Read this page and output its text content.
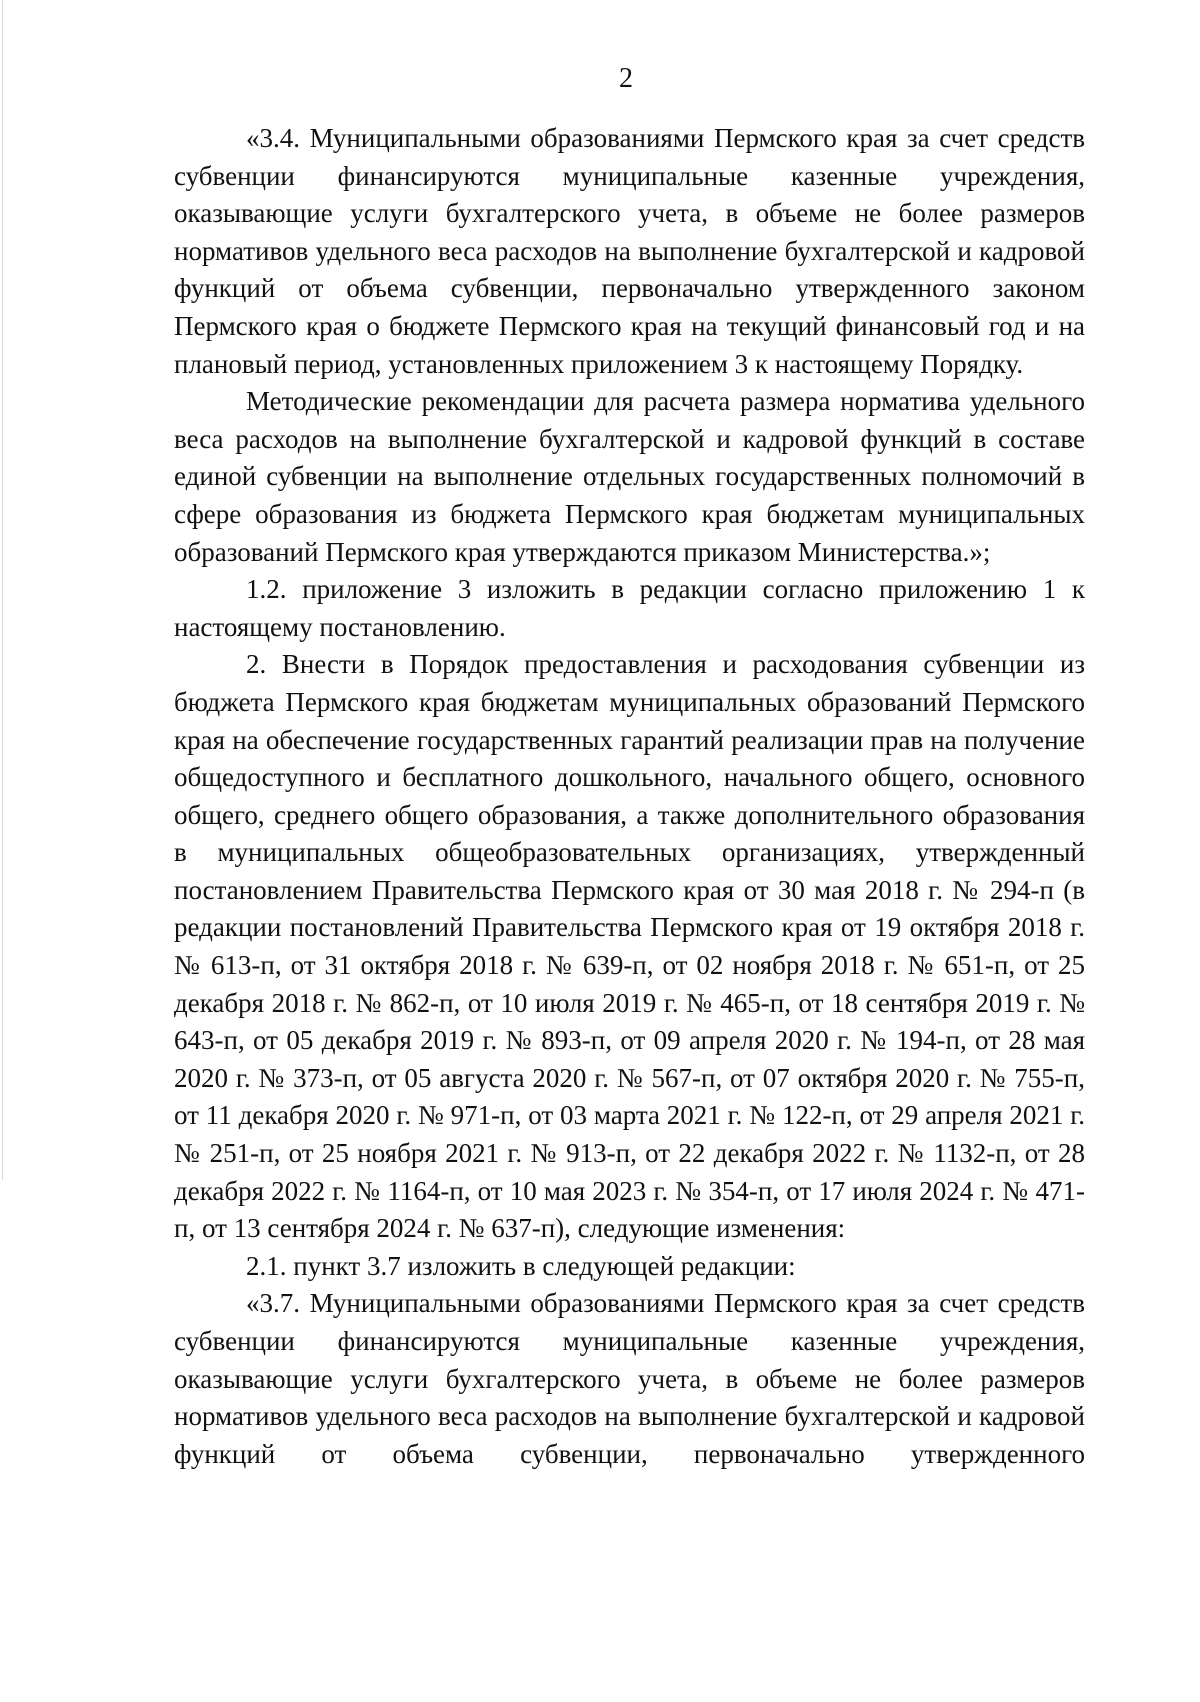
2

«3.4. Муниципальными образованиями Пермского края за счет средств субвенции финансируются муниципальные казенные учреждения, оказывающие услуги бухгалтерского учета, в объеме не более размеров нормативов удельного веса расходов на выполнение бухгалтерской и кадровой функций от объема субвенции, первоначально утвержденного законом Пермского края о бюджете Пермского края на текущий финансовый год и на плановый период, установленных приложением 3 к настоящему Порядку.

Методические рекомендации для расчета размера норматива удельного веса расходов на выполнение бухгалтерской и кадровой функций в составе единой субвенции на выполнение отдельных государственных полномочий в сфере образования из бюджета Пермского края бюджетам муниципальных образований Пермского края утверждаются приказом Министерства.»;

1.2. приложение 3 изложить в редакции согласно приложению 1 к настоящему постановлению.

2. Внести в Порядок предоставления и расходования субвенции из бюджета Пермского края бюджетам муниципальных образований Пермского края на обеспечение государственных гарантий реализации прав на получение общедоступного и бесплатного дошкольного, начального общего, основного общего, среднего общего образования, а также дополнительного образования в муниципальных общеобразовательных организациях, утвержденный постановлением Правительства Пермского края от 30 мая 2018 г. № 294-п (в редакции постановлений Правительства Пермского края от 19 октября 2018 г. № 613-п, от 31 октября 2018 г. № 639-п, от 02 ноября 2018 г. № 651-п, от 25 декабря 2018 г. № 862-п, от 10 июля 2019 г. № 465-п, от 18 сентября 2019 г. № 643-п, от 05 декабря 2019 г. № 893-п, от 09 апреля 2020 г. № 194-п, от 28 мая 2020 г. № 373-п, от 05 августа 2020 г. № 567-п, от 07 октября 2020 г. № 755-п, от 11 декабря 2020 г. № 971-п, от 03 марта 2021 г. № 122-п, от 29 апреля 2021 г. № 251-п, от 25 ноября 2021 г. № 913-п, от 22 декабря 2022 г. № 1132-п, от 28 декабря 2022 г. № 1164-п, от 10 мая 2023 г. № 354-п, от 17 июля 2024 г. № 471-п, от 13 сентября 2024 г. № 637-п), следующие изменения:

2.1. пункт 3.7 изложить в следующей редакции:

«3.7. Муниципальными образованиями Пермского края за счет средств субвенции финансируются муниципальные казенные учреждения, оказывающие услуги бухгалтерского учета, в объеме не более размеров нормативов удельного веса расходов на выполнение бухгалтерской и кадровой функций от объема субвенции, первоначально утвержденного
